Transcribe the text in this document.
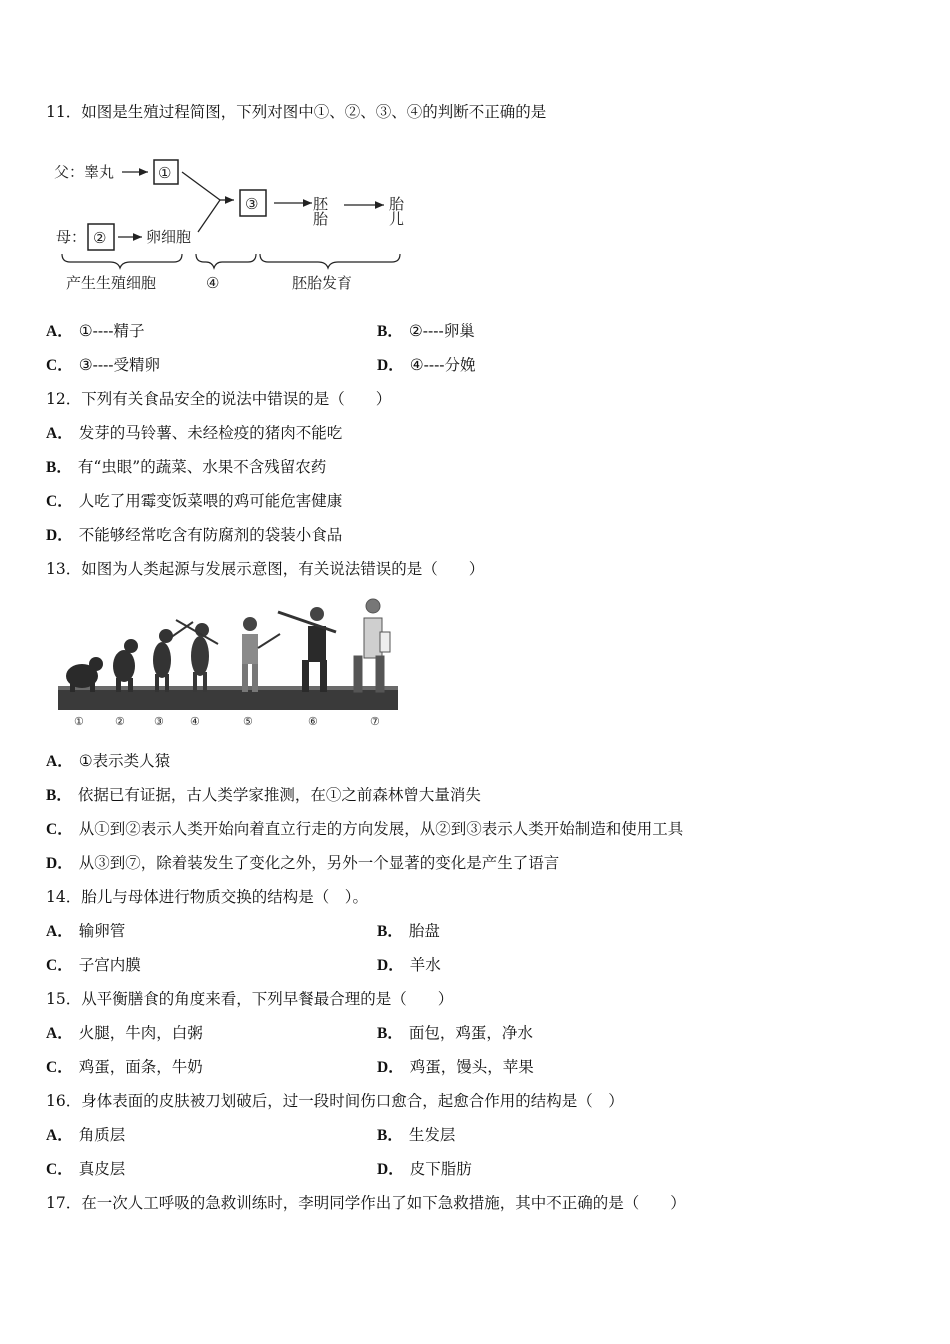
11．如图是生殖过程简图，下列对图中①、②、③、④的判断不正确的是
父：睾丸	①
母： ②	卵细胞
③	胚胎	胎儿
产生生殖细胞	④	胚胎发育
A． ①----精子	B． ②----卵巢
C． ③----受精卵	D． ④----分娩
12．下列有关食品安全的说法中错误的是（　　）
A． 发芽的马铃薯、未经检疫的猪肉不能吃
B． 有“虫眼”的蔬菜、水果不含残留农药
C． 人吃了用霉变饭菜喂的鸡可能危害健康
D． 不能够经常吃含有防腐剂的袋装小食品
13．如图为人类起源与发展示意图，有关说法错误的是（　　）
①	②	③ ④	⑤	⑥	⑦
A． ①表示类人猿
B． 依据已有证据，古人类学家推测，在①之前森林曾大量消失
C． 从①到②表示人类开始向着直立行走的方向发展，从②到③表示人类开始制造和使用工具
D． 从③到⑦，除着装发生了变化之外，另外一个显著的变化是产生了语言
14．胎儿与母体进行物质交换的结构是（　）。
A． 输卵管	B． 胎盘
C． 子宫内膜	D． 羊水
15．从平衡膳食的角度来看，下列早餐最合理的是（　　）
A． 火腿，牛肉，白粥	B． 面包，鸡蛋，净水
C． 鸡蛋，面条，牛奶	D． 鸡蛋，馒头，苹果
16．身体表面的皮肤被刀划破后，过一段时间伤口愈合，起愈合作用的结构是（　）
A． 角质层	B． 生发层
C． 真皮层	D． 皮下脂肪
17．在一次人工呼吸的急救训练时，李明同学作出了如下急救措施，其中不正确的是（　　）
